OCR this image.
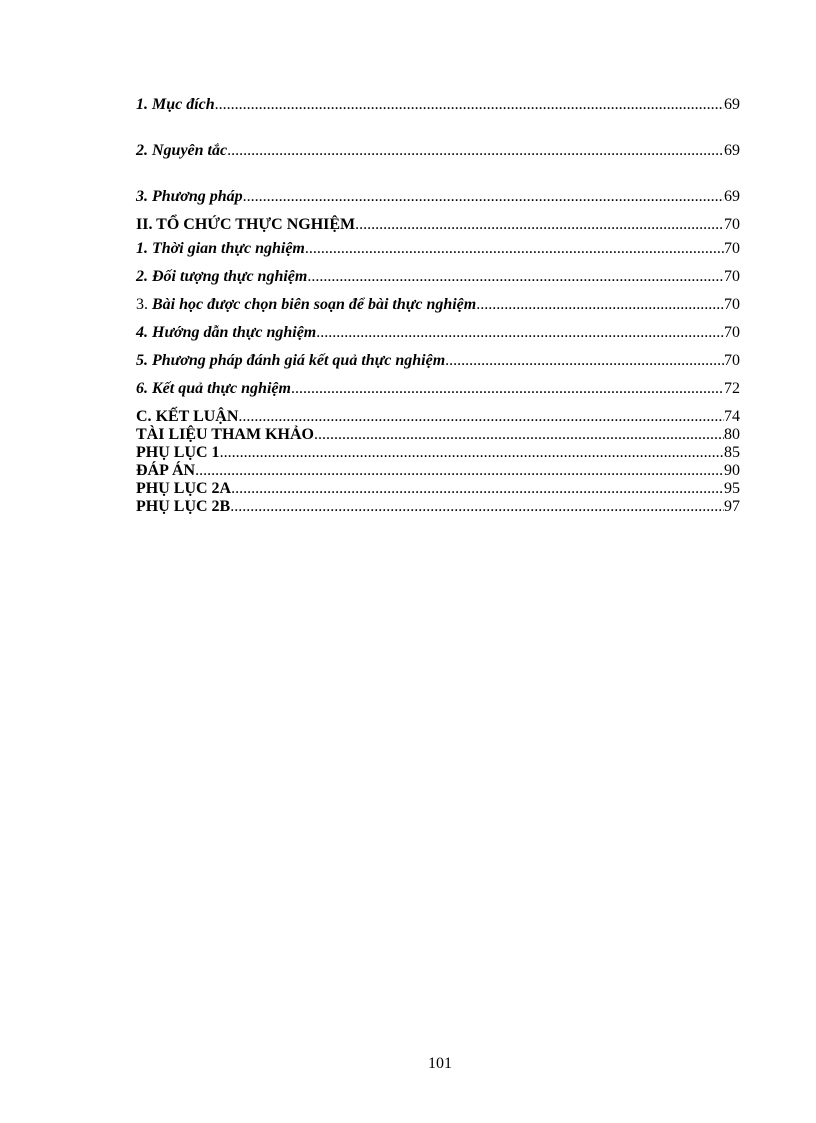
1. Mục đích .....	69
2. Nguyên tắc .....	69
3. Phương pháp .....	69
II. TỔ CHỨC THỰC NGHIỆM .....	70
1. Thời gian thực nghiệm .....	70
2. Đối tượng thực nghiệm .....	70
3. Bài học được chọn biên soạn để bài thực nghiệm .....	70
4. Hướng dẫn thực nghiệm .....	70
5. Phương pháp đánh giá kết quả thực nghiệm .....	70
6. Kết quả thực nghiệm .....	72
C. KẾT LUẬN .....	74
TÀI LIỆU THAM KHẢO .....	80
PHỤ LỤC 1 .....	85
ĐÁP ÁN .....	90
PHỤ LỤC 2A .....	95
PHỤ LỤC 2B .....	97
101
